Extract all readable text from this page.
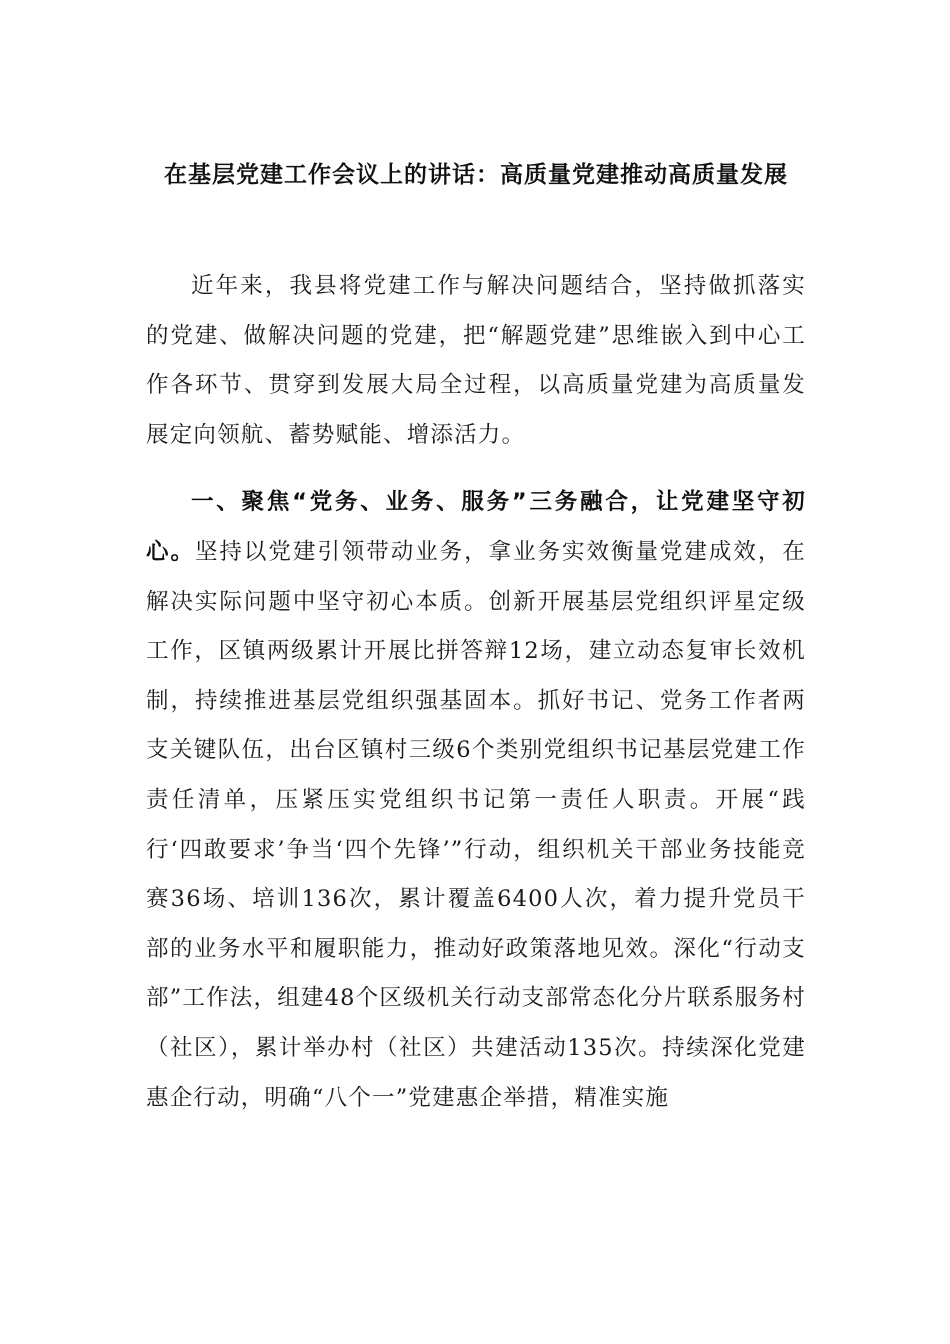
在基层党建工作会议上的讲话：高质量党建推动高质量发展

近年来，我县将党建工作与解决问题结合，坚持做抓落实的党建、做解决问题的党建，把“解题党建”思维嵌入到中心工作各环节、贯穿到发展大局全过程，以高质量党建为高质量发展定向领航、蓄势赋能、增添活力。

一、聚焦“党务、业务、服务”三务融合，让党建坚守初心。坚持以党建引领带动业务，拿业务实效衡量党建成效，在解决实际问题中坚守初心本质。创新开展基层党组织评星定级工作，区镇两级累计开展比拼答辩12场，建立动态复审长效机制，持续推进基层党组织强基固本。抓好书记、党务工作者两支关键队伍，出台区镇村三级6个类别党组织书记基层党建工作责任清单，压紧压实党组织书记第一责任人职责。开展“践行‘四敢要求’争当‘四个先锋’”行动，组织机关干部业务技能竞赛36场、培训136次，累计覆盖6400人次，着力提升党员干部的业务水平和履职能力，推动好政策落地见效。深化“行动支部”工作法，组建48个区级机关行动支部常态化分片联系服务村（社区），累计举办村（社区）共建活动135次。持续深化党建惠企行动，明确“八个一”党建惠企举措，精准实施
